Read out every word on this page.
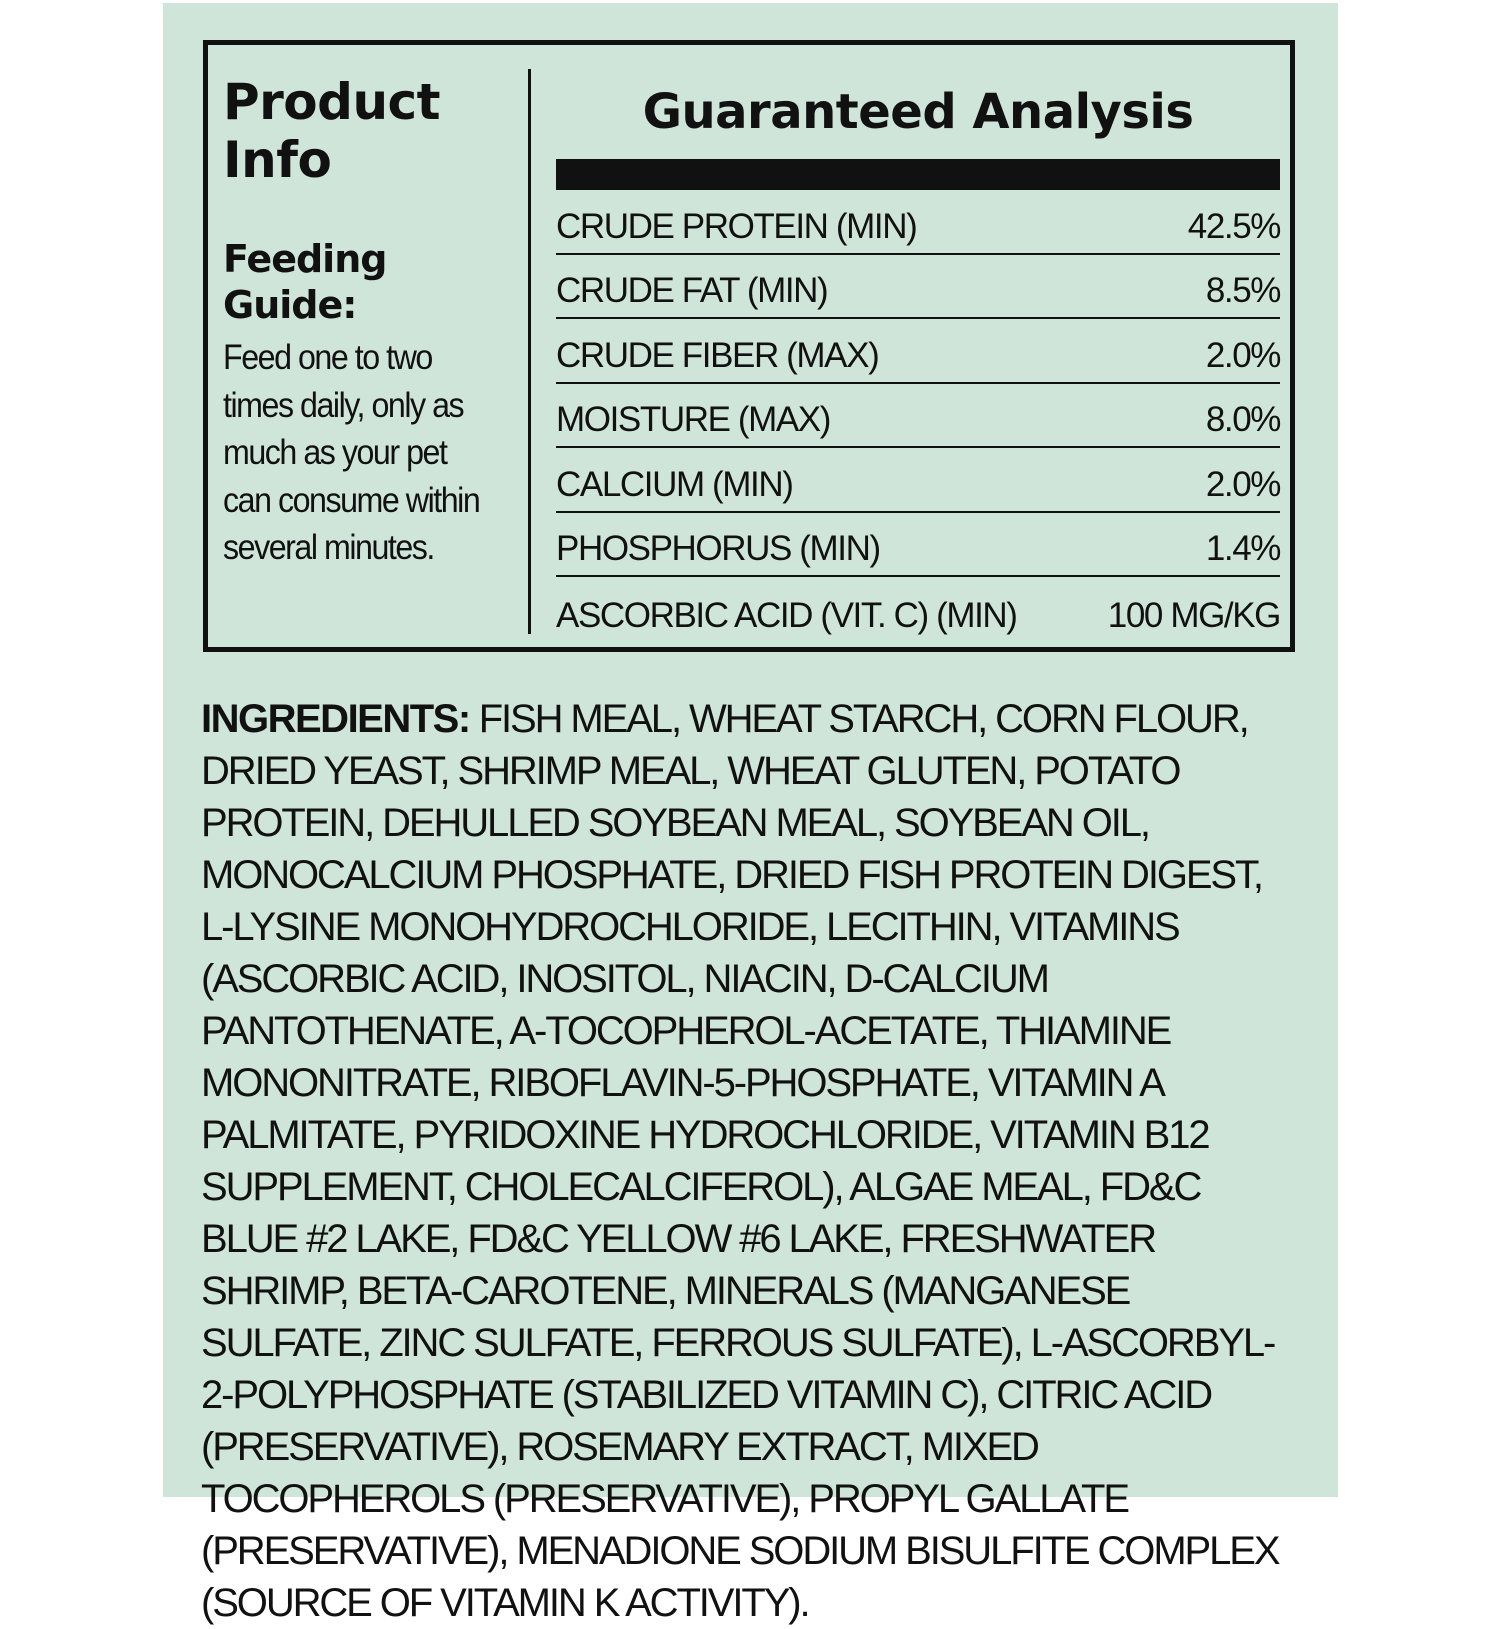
Product
Info
Feeding
Guide:

Feed one to two times daily, only as much as your pet can consume within several minutes.

Guaranteed Analysis
CRUDE PROTEIN (MIN)	42.5%
CRUDE FAT (MIN)	8.5%
CRUDE FIBER (MAX)	2.0%
MOISTURE (MAX)	8.0%
CALCIUM (MIN)	2.0%
PHOSPHORUS (MIN)	1.4%
ASCORBIC ACID (VIT. C) (MIN)	100 MG/KG

INGREDIENTS: FISH MEAL, WHEAT STARCH, CORN FLOUR, DRIED YEAST, SHRIMP MEAL, WHEAT GLUTEN, POTATO PROTEIN, DEHULLED SOYBEAN MEAL, SOYBEAN OIL, MONOCALCIUM PHOSPHATE, DRIED FISH PROTEIN DIGEST, L-LYSINE MONOHYDROCHLORIDE, LECITHIN, VITAMINS (ASCORBIC ACID, INOSITOL, NIACIN, D-CALCIUM PANTOTHENATE, A-TOCOPHEROL-ACETATE, THIAMINE MONONITRATE, RIBOFLAVIN-5-PHOSPHATE, VITAMIN A PALMITATE, PYRIDOXINE HYDROCHLORIDE, VITAMIN B12 SUPPLEMENT, CHOLECALCIFEROL), ALGAE MEAL, FD&C BLUE #2 LAKE, FD&C YELLOW #6 LAKE, FRESHWATER SHRIMP, BETA-CAROTENE, MINERALS (MANGANESE SULFATE, ZINC SULFATE, FERROUS SULFATE), L-ASCORBYL-2-POLYPHOSPHATE (STABILIZED VITAMIN C), CITRIC ACID (PRESERVATIVE), ROSEMARY EXTRACT, MIXED TOCOPHEROLS (PRESERVATIVE), PROPYL GALLATE (PRESERVATIVE), MENADIONE SODIUM BISULFITE COMPLEX (SOURCE OF VITAMIN K ACTIVITY).
